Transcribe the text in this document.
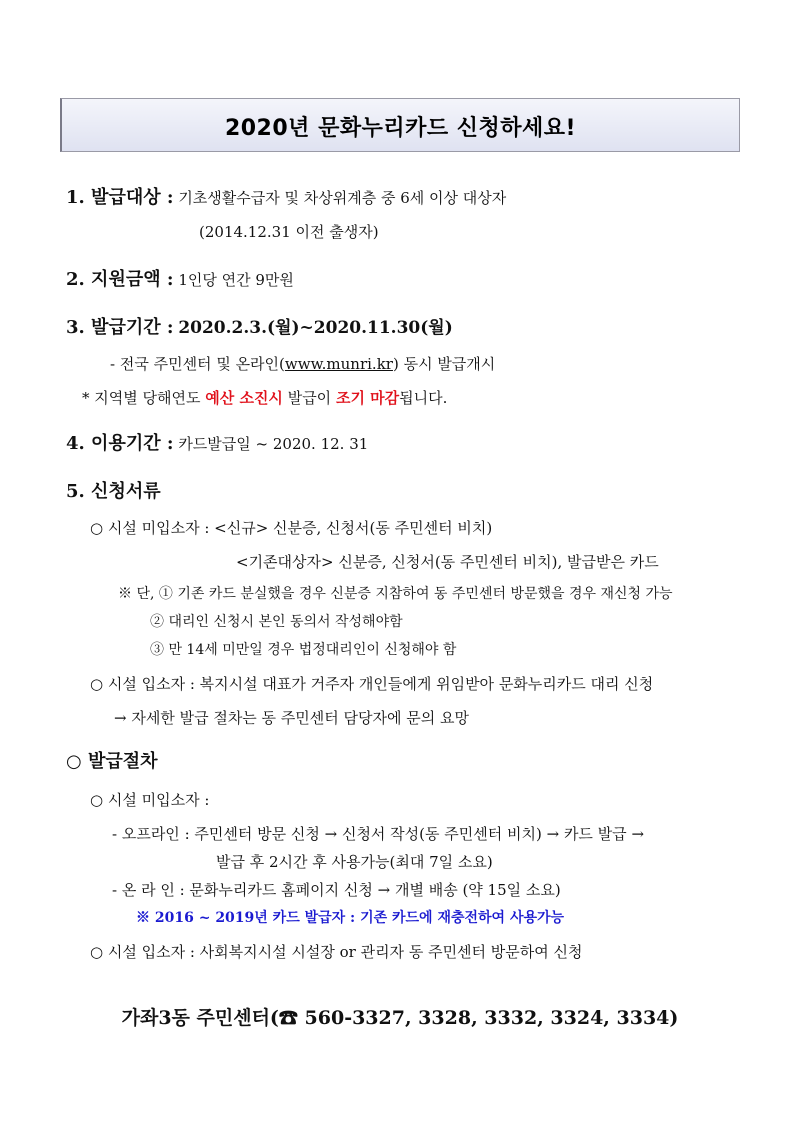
2020년 문화누리카드 신청하세요!
1. 발급대상 : 기초생활수급자 및 차상위계층 중 6세 이상 대상자
(2014.12.31 이전 출생자)
2. 지원금액 : 1인당 연간 9만원
3. 발급기간 : 2020.2.3.(월)~2020.11.30(월)
- 전국 주민센터 및 온라인(www.munri.kr) 동시 발급개시
* 지역별 당해연도 예산 소진시 발급이 조기 마감됩니다.
4. 이용기간 : 카드발급일 ~ 2020. 12. 31
5. 신청서류
○ 시설 미입소자 : <신규> 신분증, 신청서(동 주민센터 비치)
<기존대상자> 신분증, 신청서(동 주민센터 비치), 발급받은 카드
※ 단, ① 기존 카드 분실했을 경우 신분증 지참하여 동 주민센터 방문했을 경우 재신청 가능
② 대리인 신청시 본인 동의서 작성해야함
③ 만 14세 미만일 경우 법정대리인이 신청해야 함
○ 시설 입소자 : 복지시설 대표가 거주자 개인들에게 위임받아 문화누리카드 대리 신청
→ 자세한 발급 절차는 동 주민센터 담당자에 문의 요망
○ 발급절차
○ 시설 미입소자 :
- 오프라인 : 주민센터 방문 신청 → 신청서 작성(동 주민센터 비치) → 카드 발급 →
발급 후 2시간 후 사용가능(최대 7일 소요)
- 온 라 인 : 문화누리카드 홈페이지 신청 → 개별 배송 (약 15일 소요)
※ 2016 ~ 2019년 카드 발급자 : 기존 카드에 재충전하여 사용가능
○ 시설 입소자 : 사회복지시설 시설장 or 관리자 동 주민센터 방문하여 신청
가좌3동 주민센터(☎ 560-3327, 3328, 3332, 3324, 3334)
